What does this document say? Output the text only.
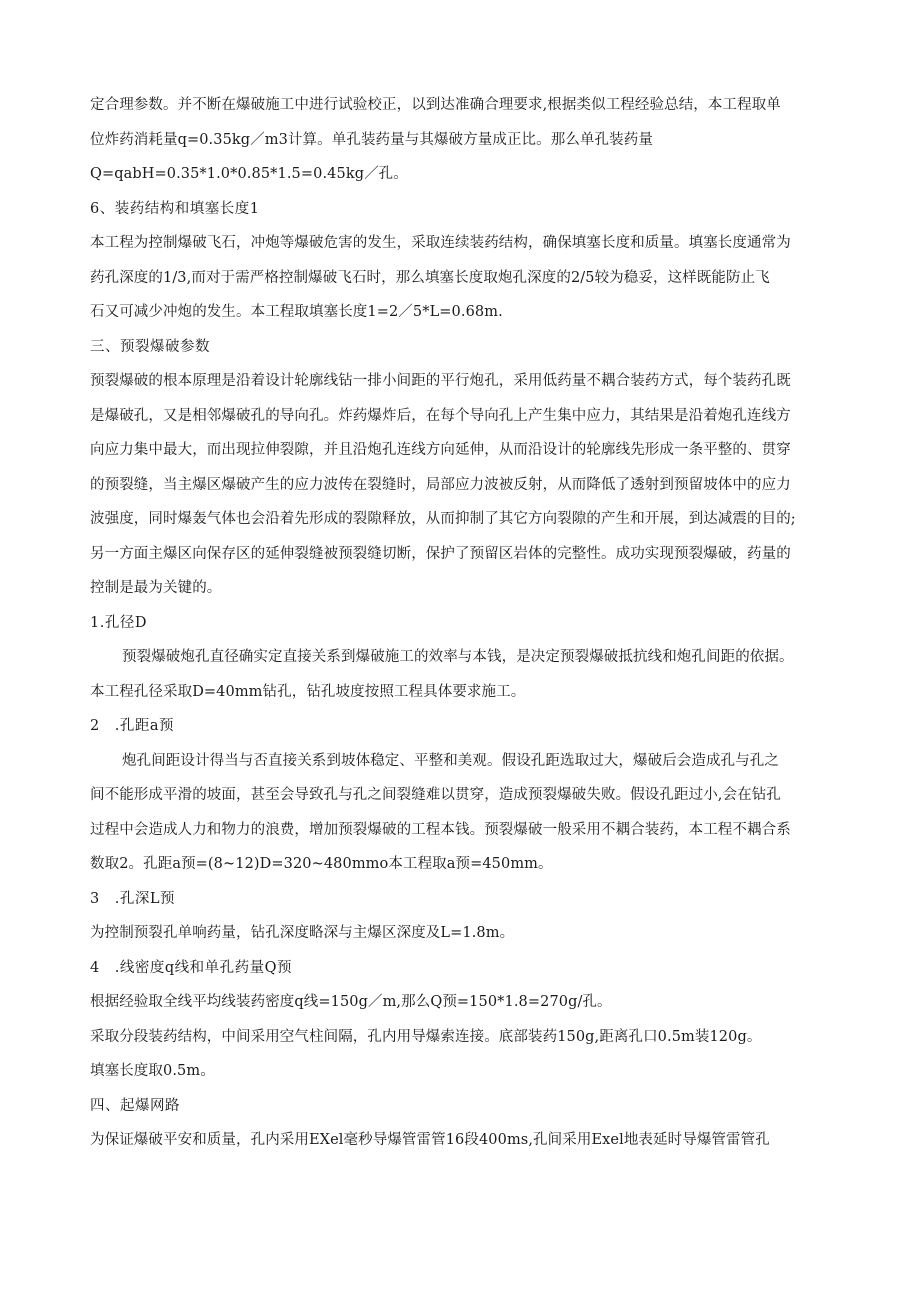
定合理参数。并不断在爆破施工中进行试验校正，以到达准确合理要求,根据类似工程经验总结，本工程取单
位炸药消耗量q=0.35kg／m3计算。单孔装药量与其爆破方量成正比。那么单孔装药量
Q=qabH=0.35*1.0*0.85*1.5=0.45kg／孔。
6、装药结构和填塞长度1
本工程为控制爆破飞石，冲炮等爆破危害的发生，采取连续装药结构，确保填塞长度和质量。填塞长度通常为
药孔深度的1/3,而对于需严格控制爆破飞石时，那么填塞长度取炮孔深度的2/5较为稳妥，这样既能防止飞
石又可减少冲炮的发生。本工程取填塞长度1=2／5*L=0.68m.
三、预裂爆破参数
预裂爆破的根本原理是沿着设计轮廓线钻一排小间距的平行炮孔，采用低药量不耦合装药方式，每个装药孔既
是爆破孔，又是相邻爆破孔的导向孔。炸药爆炸后，在每个导向孔上产生集中应力，其结果是沿着炮孔连线方
向应力集中最大，而出现拉伸裂隙，并且沿炮孔连线方向延伸，从而沿设计的轮廓线先形成一条平整的、贯穿
的预裂缝，当主爆区爆破产生的应力波传在裂缝时，局部应力波被反射，从而降低了透射到预留坡体中的应力
波强度，同时爆轰气体也会沿着先形成的裂隙释放，从而抑制了其它方向裂隙的产生和开展，到达减震的目的;
另一方面主爆区向保存区的延伸裂缝被预裂缝切断，保护了预留区岩体的完整性。成功实现预裂爆破，药量的
控制是最为关键的。
1.孔径D
预裂爆破炮孔直径确实定直接关系到爆破施工的效率与本钱，是决定预裂爆破抵抗线和炮孔间距的依据。
本工程孔径采取D=40mm钻孔，钻孔坡度按照工程具体要求施工。
2　.孔距a预
炮孔间距设计得当与否直接关系到坡体稳定、平整和美观。假设孔距选取过大，爆破后会造成孔与孔之
间不能形成平滑的坡面，甚至会导致孔与孔之间裂缝难以贯穿，造成预裂爆破失败。假设孔距过小,会在钻孔
过程中会造成人力和物力的浪费，增加预裂爆破的工程本钱。预裂爆破一般采用不耦合装药，本工程不耦合系
数取2。孔距a预=(8~12)D=320~480mmo本工程取a预=450mm。
3　.孔深L预
为控制预裂孔单响药量，钻孔深度略深与主爆区深度及L=1.8m。
4　.线密度q线和单孔药量Q预
根据经验取全线平均线装药密度q线=150g／m,那么Q预=150*1.8=270g/孔。
采取分段装药结构，中间采用空气柱间隔，孔内用导爆索连接。底部装药150g,距离孔口0.5m装120g。
填塞长度取0.5m。
四、起爆网路
为保证爆破平安和质量，孔内采用EXel毫秒导爆管雷管16段400ms,孔间采用Exel地表延时导爆管雷管孔
